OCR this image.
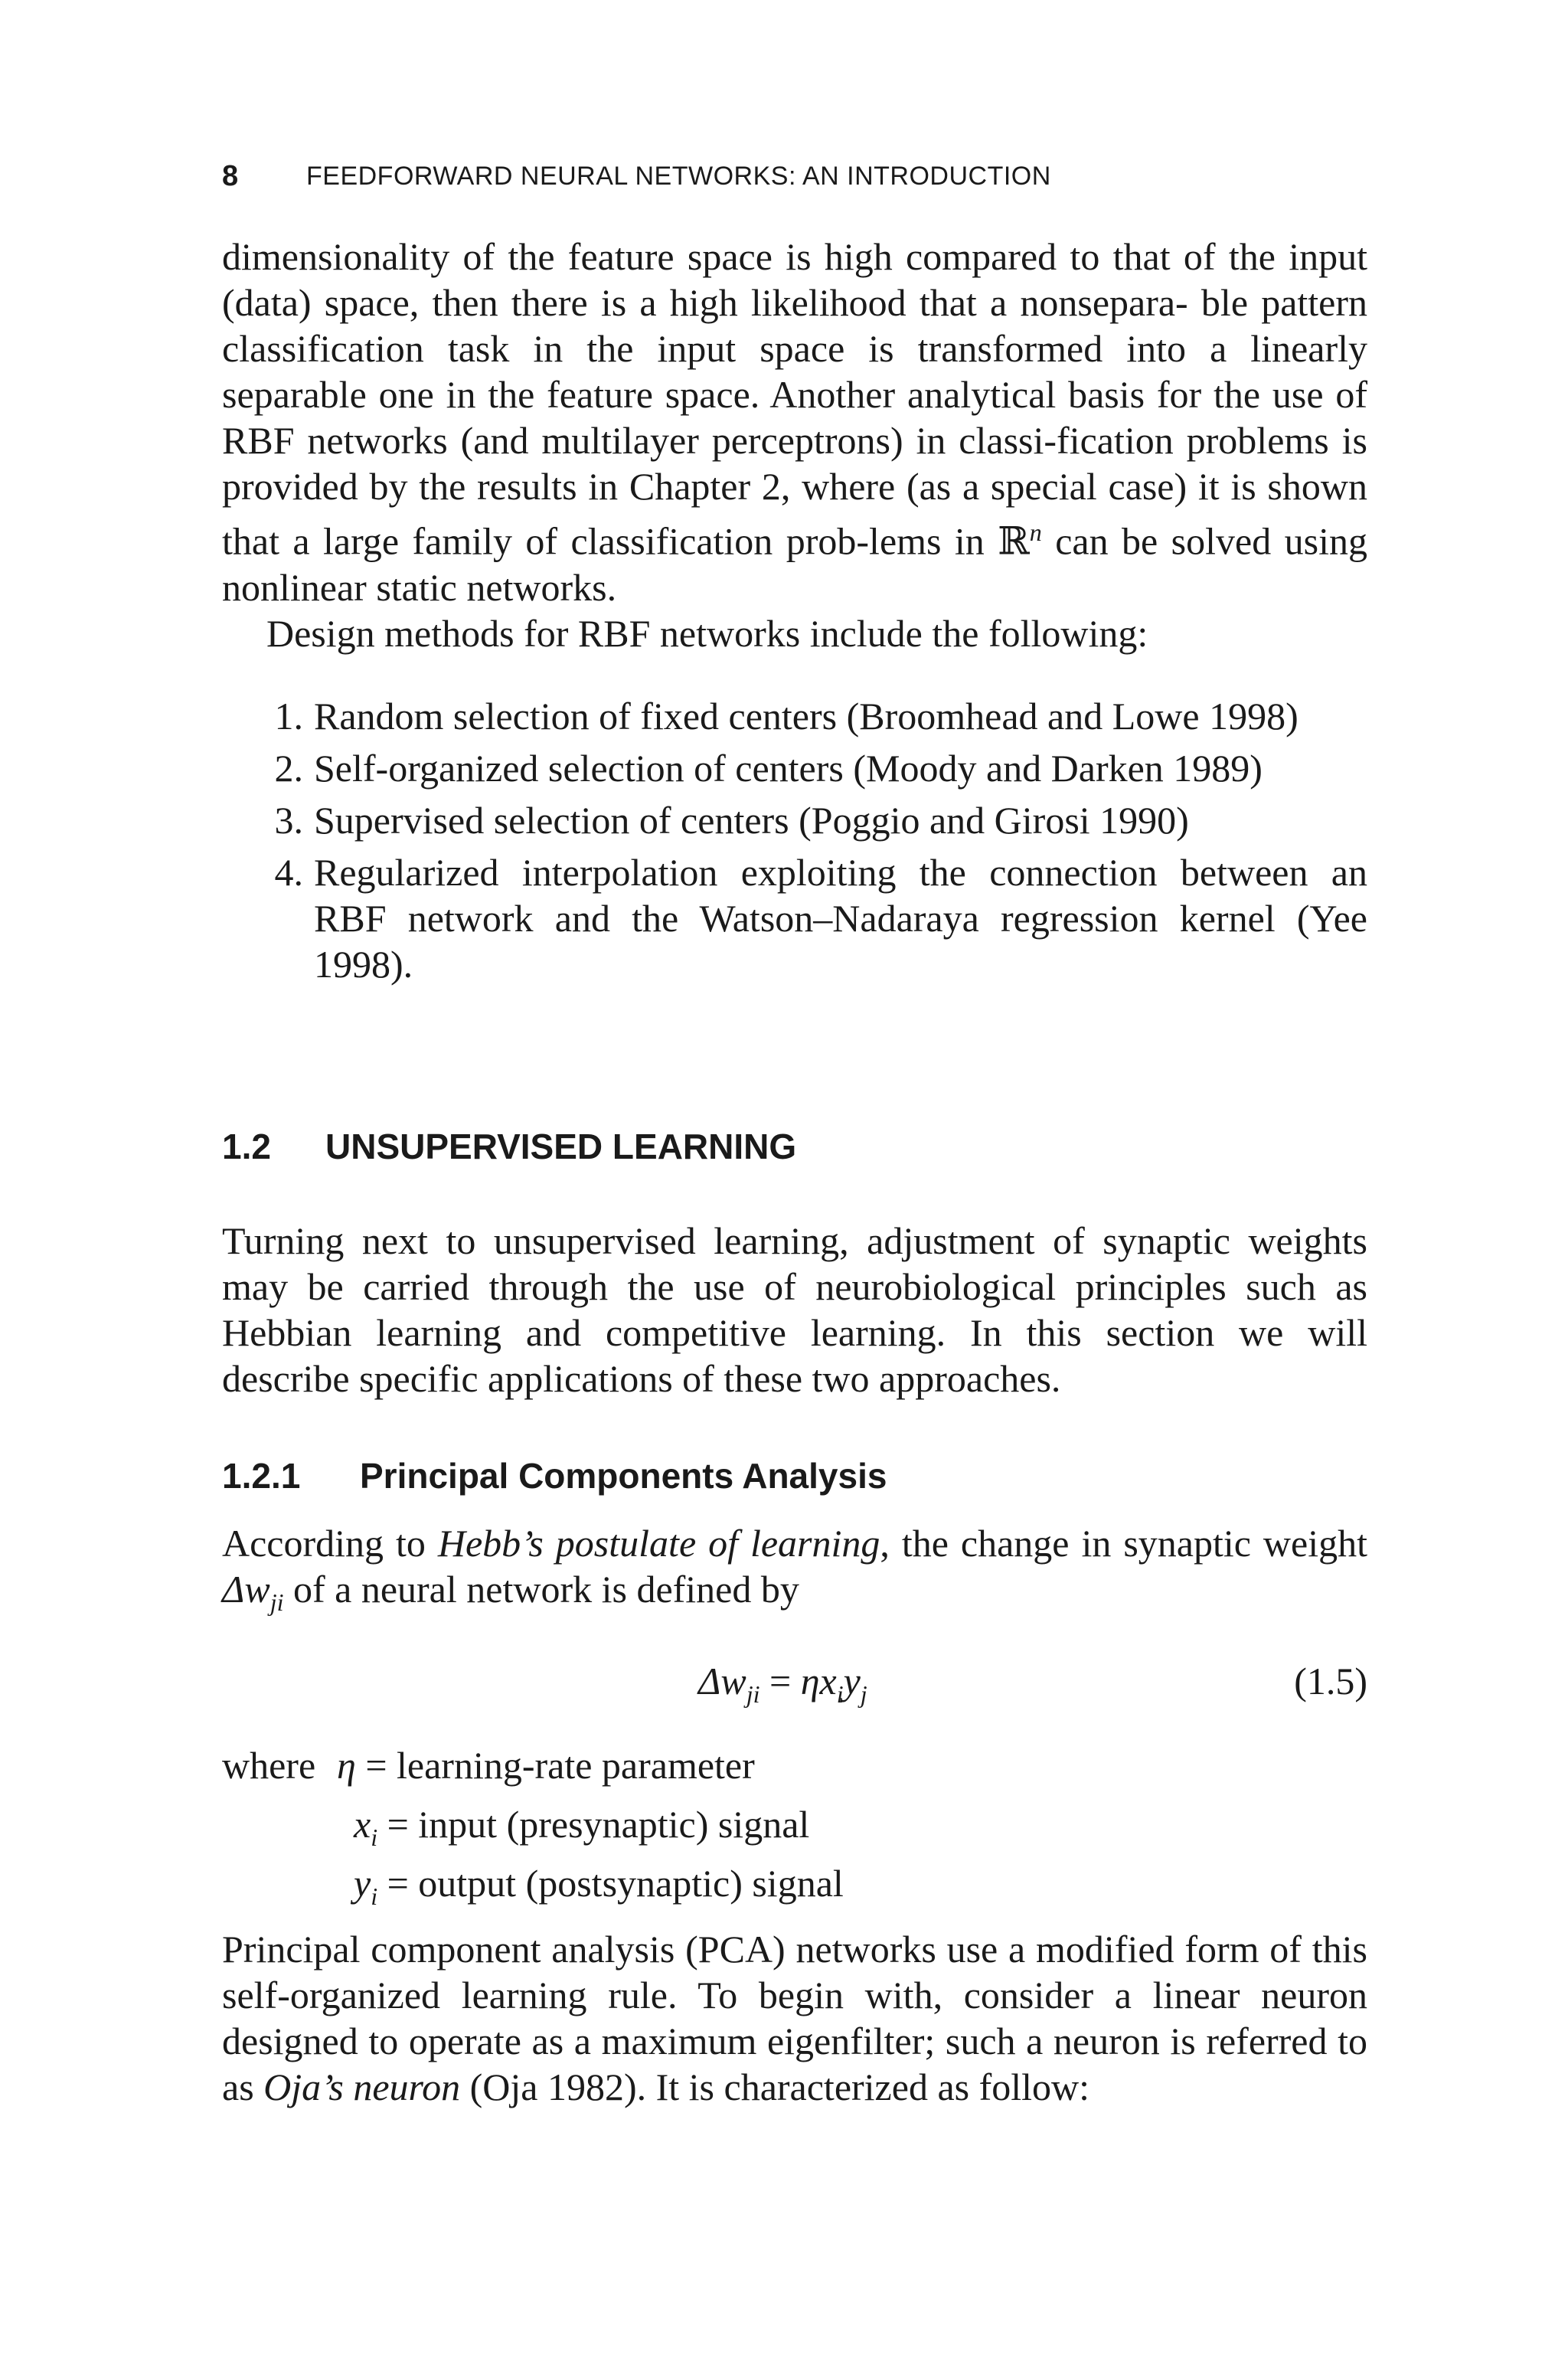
8	FEEDFORWARD NEURAL NETWORKS: AN INTRODUCTION

dimensionality of the feature space is high compared to that of the input (data) space, then there is a high likelihood that a nonsepara- ble pattern classification task in the input space is transformed into a linearly separable one in the feature space. Another analytical basis for the use of RBF networks (and multilayer perceptrons) in classi-fication problems is provided by the results in Chapter 2, where (as a special case) it is shown that a large family of classification prob-lems in ℝ$^n$ can be solved using nonlinear static networks.

Design methods for RBF networks include the following:

1. Random selection of fixed centers (Broomhead and Lowe 1998)
2. Self-organized selection of centers (Moody and Darken 1989)
3. Supervised selection of centers (Poggio and Girosi 1990)
4. Regularized interpolation exploiting the connection between an RBF network and the Watson–Nadaraya regression kernel (Yee 1998).
1.2 UNSUPERVISED LEARNING

Turning next to unsupervised learning, adjustment of synaptic weights may be carried through the use of neurobiological principles such as Hebbian learning and competitive learning. In this section we will describe specific applications of these two approaches.

1.2.1 Principal Components Analysis

According to Hebb’s postulate of learning, the change in synaptic weight $\Delta w_{ji}$ of a neural network is defined by

$\Delta w_{ji} = \eta x_iy_j$	(1.5)
where η = learning-rate parameter
$x_i$ = input (presynaptic) signal
$y_i$ = output (postsynaptic) signal

Principal component analysis (PCA) networks use a modified form of this self-organized learning rule. To begin with, consider a linear neuron designed to operate as a maximum eigenfilter; such a neuron is referred to as Oja’s neuron (Oja 1982). It is characterized as follow:
